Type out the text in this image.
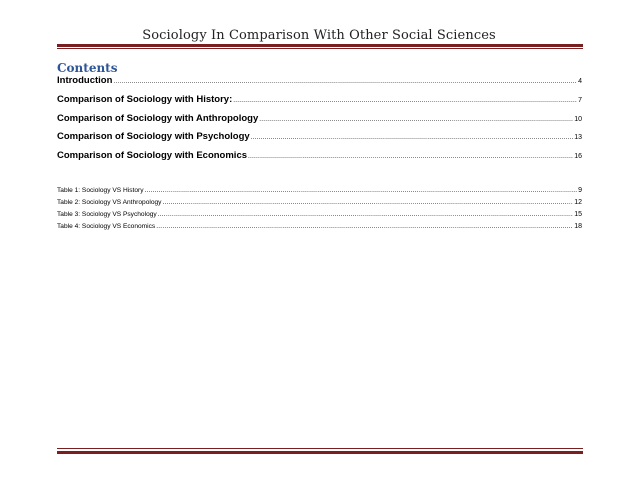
Sociology In Comparison With Other Social Sciences
Contents
Introduction .....	4
Comparison of Sociology with History: .....	7
Comparison of Sociology with Anthropology .....	10
Comparison of Sociology with Psychology .....	13
Comparison of Sociology with Economics .....	16
Table 1: Sociology VS History .....	9
Table 2: Sociology VS Anthropology .....	12
Table 3: Sociology VS Psychology .....	15
Table 4: Sociology VS Economics .....	18
